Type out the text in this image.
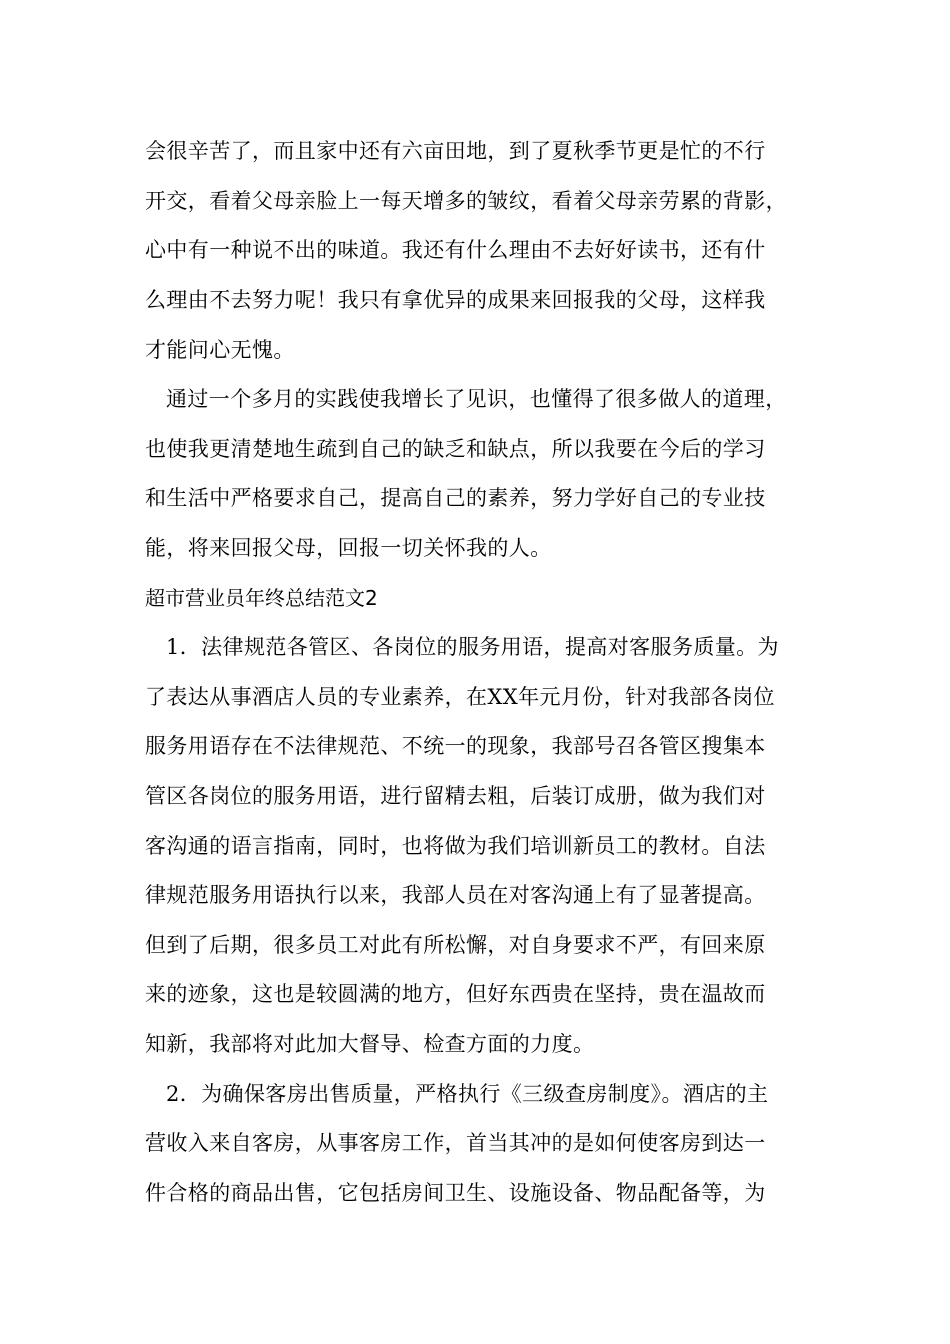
会很辛苦了，而且家中还有六亩田地，到了夏秋季节更是忙的不行
开交，看着父母亲脸上一每天增多的皱纹，看着父母亲劳累的背影，
心中有一种说不出的味道。我还有什么理由不去好好读书，还有什
么理由不去努力呢！我只有拿优异的成果来回报我的父母，这样我
才能问心无愧。
通过一个多月的实践使我增长了见识，也懂得了很多做人的道理，
也使我更清楚地生疏到自己的缺乏和缺点，所以我要在今后的学习
和生活中严格要求自己，提高自己的素养，努力学好自己的专业技
能，将来回报父母，回报一切关怀我的人。
超市营业员年终总结范文2
1．法律规范各管区、各岗位的服务用语，提高对客服务质量。为
了表达从事酒店人员的专业素养，在XX年元月份，针对我部各岗位
服务用语存在不法律规范、不统一的现象，我部号召各管区搜集本
管区各岗位的服务用语，进行留精去粗，后装订成册，做为我们对
客沟通的语言指南，同时，也将做为我们培训新员工的教材。自法
律规范服务用语执行以来，我部人员在对客沟通上有了显著提高。
但到了后期，很多员工对此有所松懈，对自身要求不严，有回来原
来的迹象，这也是较圆满的地方，但好东西贵在坚持，贵在温故而
知新，我部将对此加大督导、检查方面的力度。
2．为确保客房出售质量，严格执行《三级查房制度》。酒店的主
营收入来自客房，从事客房工作，首当其冲的是如何使客房到达一
件合格的商品出售，它包括房间卫生、设施设备、物品配备等，为
